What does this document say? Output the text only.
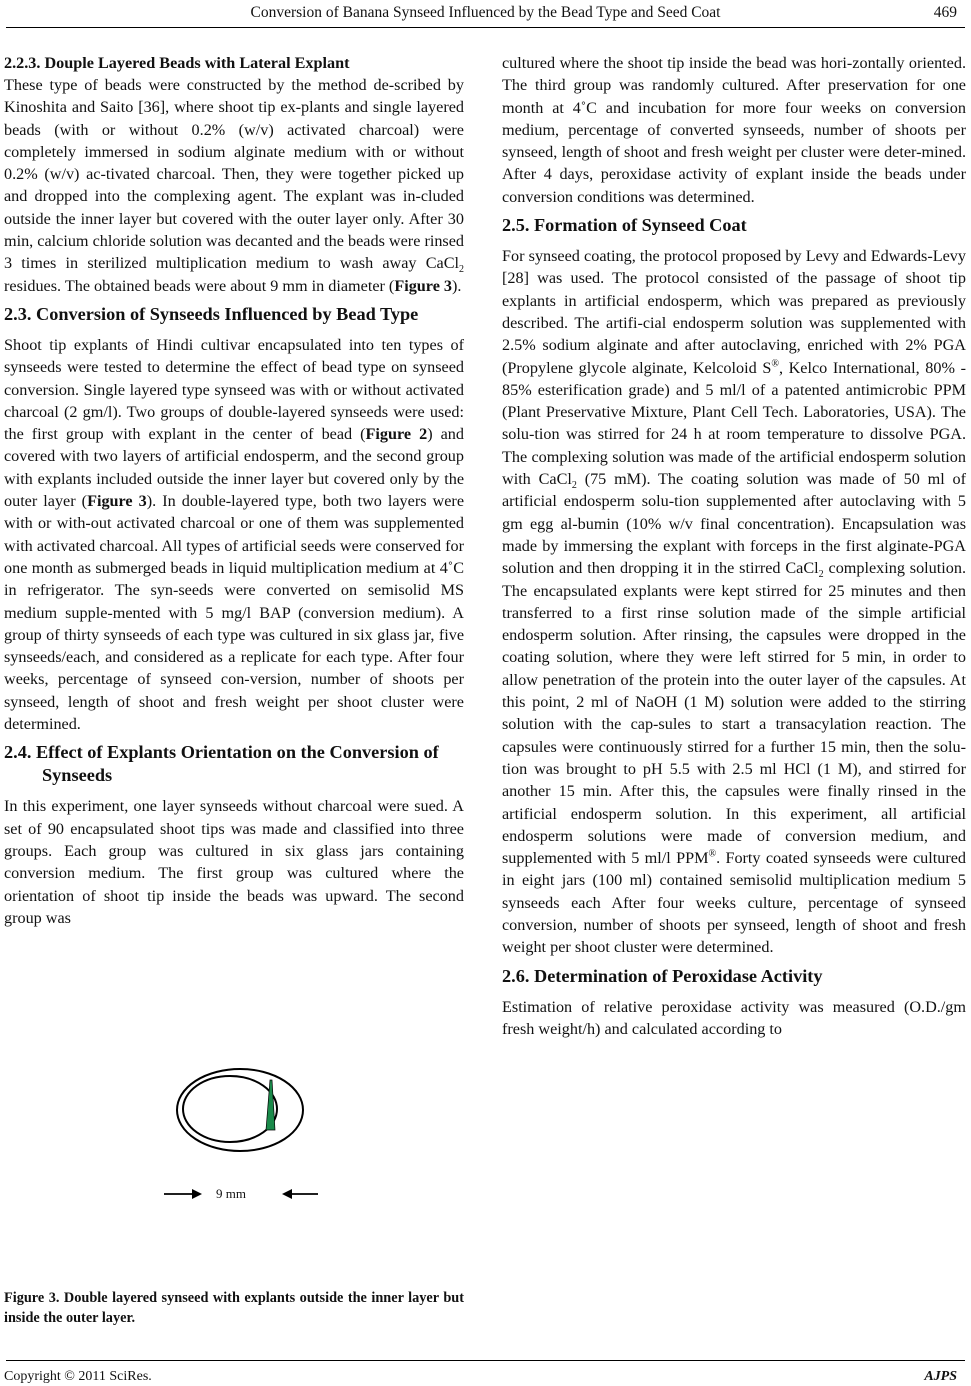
Conversion of Banana Synseed Influenced by the Bead Type and Seed Coat	469
2.2.3. Douple Layered Beads with Lateral Explant

These type of beads were constructed by the method de-scribed by Kinoshita and Saito [36], where shoot tip ex-plants and single layered beads (with or without 0.2% (w/v) activated charcoal) were completely immersed in sodium alginate medium with or without 0.2% (w/v) ac-tivated charcoal. Then, they were together picked up and dropped into the complexing agent. The explant was in-cluded outside the inner layer but covered with the outer layer only. After 30 min, calcium chloride solution was decanted and the beads were rinsed 3 times in sterilized multiplication medium to wash away CaCl$_2$ residues. The obtained beads were about 9 mm in diameter (Figure 3).

2.3. Conversion of Synseeds Influenced by Bead Type

Shoot tip explants of Hindi cultivar encapsulated into ten types of synseeds were tested to determine the effect of bead type on synseed conversion. Single layered type synseed was with or without activated charcoal (2 gm/l). Two groups of double-layered synseeds were used: the first group with explant in the center of bead (Figure 2) and covered with two layers of artificial endosperm, and the second group with explants included outside the inner layer but covered only by the outer layer (Figure 3). In double-layered type, both two layers were with or with-out activated charcoal or one of them was supplemented with activated charcoal. All types of artificial seeds were conserved for one month as submerged beads in liquid multiplication medium at 4˚C in refrigerator. The syn-seeds were converted on semisolid MS medium supple-mented with 5 mg/l BAP (conversion medium). A group of thirty synseeds of each type was cultured in six glass jar, five synseeds/each, and considered as a replicate for each type. After four weeks, percentage of synseed con-version, number of shoots per synseed, length of shoot and fresh weight per shoot cluster were determined.

2.4. Effect of Explants Orientation on the Conversion of Synseeds

In this experiment, one layer synseeds without charcoal were sued. A set of 90 encapsulated shoot tips was made and classified into three groups. Each group was cultured in six glass jars containing conversion medium. The first group was cultured where the orientation of shoot tip inside the beads was upward. The second group was

9 mm
Figure 3. Double layered synseed with explants outside the inner layer but inside the outer layer.

cultured where the shoot tip inside the bead was hori-zontally oriented. The third group was randomly cultured. After preservation for one month at 4˚C and incubation for more four weeks on conversion medium, percentage of converted synseeds, number of shoots per synseed, length of shoot and fresh weight per cluster were deter-mined. After 4 days, peroxidase activity of explant inside the beads under conversion conditions was determined.

2.5. Formation of Synseed Coat

For synseed coating, the protocol proposed by Levy and Edwards-Levy [28] was used. The protocol consisted of the passage of shoot tip explants in artificial endosperm, which was prepared as previously described. The artifi-cial endosperm solution was supplemented with 2.5% sodium alginate and after autoclaving, enriched with 2% PGA (Propylene glycole alginate, Kelcoloid S®, Kelco International, 80% - 85% esterification grade) and 5 ml/l of a patented antimicrobic PPM (Plant Preservative Mixture, Plant Cell Tech. Laboratories, USA). The solu-tion was stirred for 24 h at room temperature to dissolve PGA. The complexing solution was made of the artificial endosperm solution with CaCl$_2$ (75 mM). The coating solution was made of 50 ml of artificial endosperm solu-tion supplemented after autoclaving with 5 gm egg al-bumin (10% w/v final concentration). Encapsulation was made by immersing the explant with forceps in the first alginate-PGA solution and then dropping it in the stirred CaCl$_2$ complexing solution. The encapsulated explants were kept stirred for 25 minutes and then transferred to a first rinse solution made of the simple artificial endosperm solution. After rinsing, the capsules were dropped in the coating solution, where they were left stirred for 5 min, in order to allow penetration of the protein into the outer layer of the capsules. At this point, 2 ml of NaOH (1 M) solution were added to the stirring solution with the cap-sules to start a transacylation reaction. The capsules were continuously stirred for a further 15 min, then the solu-tion was brought to pH 5.5 with 2.5 ml HCl (1 M), and stirred for another 15 min. After this, the capsules were finally rinsed in the artificial endosperm solution. In this experiment, all artificial endosperm solutions were made of conversion medium, and supplemented with 5 ml/l PPM®. Forty coated synseeds were cultured in eight jars (100 ml) contained semisolid multiplication medium 5 synseeds each After four weeks culture, percentage of synseed conversion, number of shoots per synseed, length of shoot and fresh weight per shoot cluster were determined.

2.6. Determination of Peroxidase Activity

Estimation of relative peroxidase activity was measured (O.D./gm fresh weight/h) and calculated according to

Copyright © 2011 SciRes.	AJPS
